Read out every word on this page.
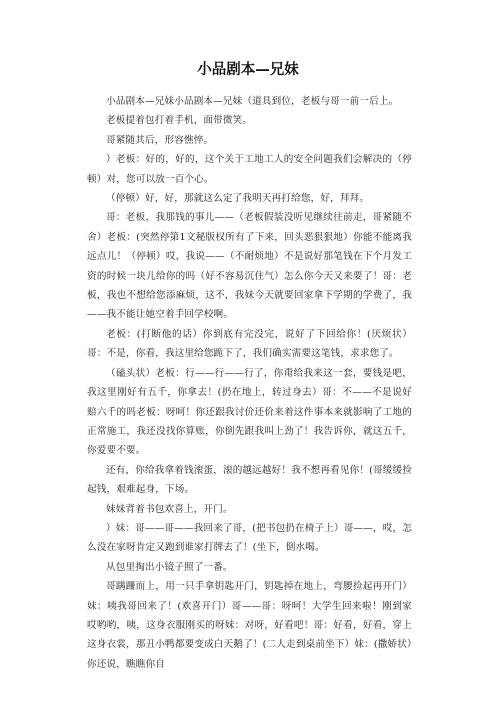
小品剧本—兄妹

小品剧本—兄妹小品剧本—兄妹（道具到位，老板与哥一前一后上。

老板提着包打着手机，面带微笑。

哥紧随其后，形容憔悴。

）老板：好的，好的，这个关于工地工人的安全问题我们会解决的（停顿）对，您可以放一百个心。

（停顿）好，好，那就这么定了我明天再打给您，好，拜拜。

哥：老板，我那钱的事儿——（老板假装没听见继续往前走，哥紧随不舍）老板：(突然停第1文秘版权所有了下来，回头恶狠狠地）你能不能离我远点儿！（停顿）哎，我说——（不耐烦地）不是说好那笔钱在下个月发工资的时候一块儿给你的吗（好不容易沉住气）怎么你今天又来要了！哥：老板，我也不想给您添麻烦，这不，我妹今天就要回家拿下学期的学费了，我——我不能让她空着手回学校啊。

老板：(打断他的话）你到底有完没完，说好了下回给你！(厌烦状）哥：不是，你看，我这里给您跪下了，我们确实需要这笔钱，求求您了。

（磕头状）老板：行——行——行了，你甭给我来这一套，要钱是吧，我这里刚好有五千，你拿去！(扔在地上，转过身去）哥：不——不是说好赔六千的吗老板：呀呵！你还跟我讨价还价来着这件事本来就影响了工地的正常施工，我还没找你算账，你倒先跟我叫上劲了！我告诉你，就这五千，你爱要不要。

还有，你给我拿着钱滚蛋，滚的越远越好！我不想再看见你！(哥缓缓捡起钱，艰难起身，下场。

妹妹背着书包欢喜上，开门。

）妹：哥——哥——我回来了哥，(把书包扔在椅子上）哥——，哎，怎么没在家呀肯定又跑到谁家打牌去了！(坐下，倒水喝。

从包里掏出小镜子照了一番。

哥蹒跚而上，用一只手拿钥匙开门，钥匙掉在地上，弯腰捡起再开门）妹：咦我哥回来了！(欢喜开门）哥——哥：呀呵！大学生回来啦！刚到家哎哟哟，咦，这身衣服刚买的呀妹：对呀，好看吧！哥：好看，好看，穿上这身衣裳，那丑小鸭都要变成白天鹅了！(二人走到桌前坐下）妹：(撒娇状）你还说，瞧瞧你自
